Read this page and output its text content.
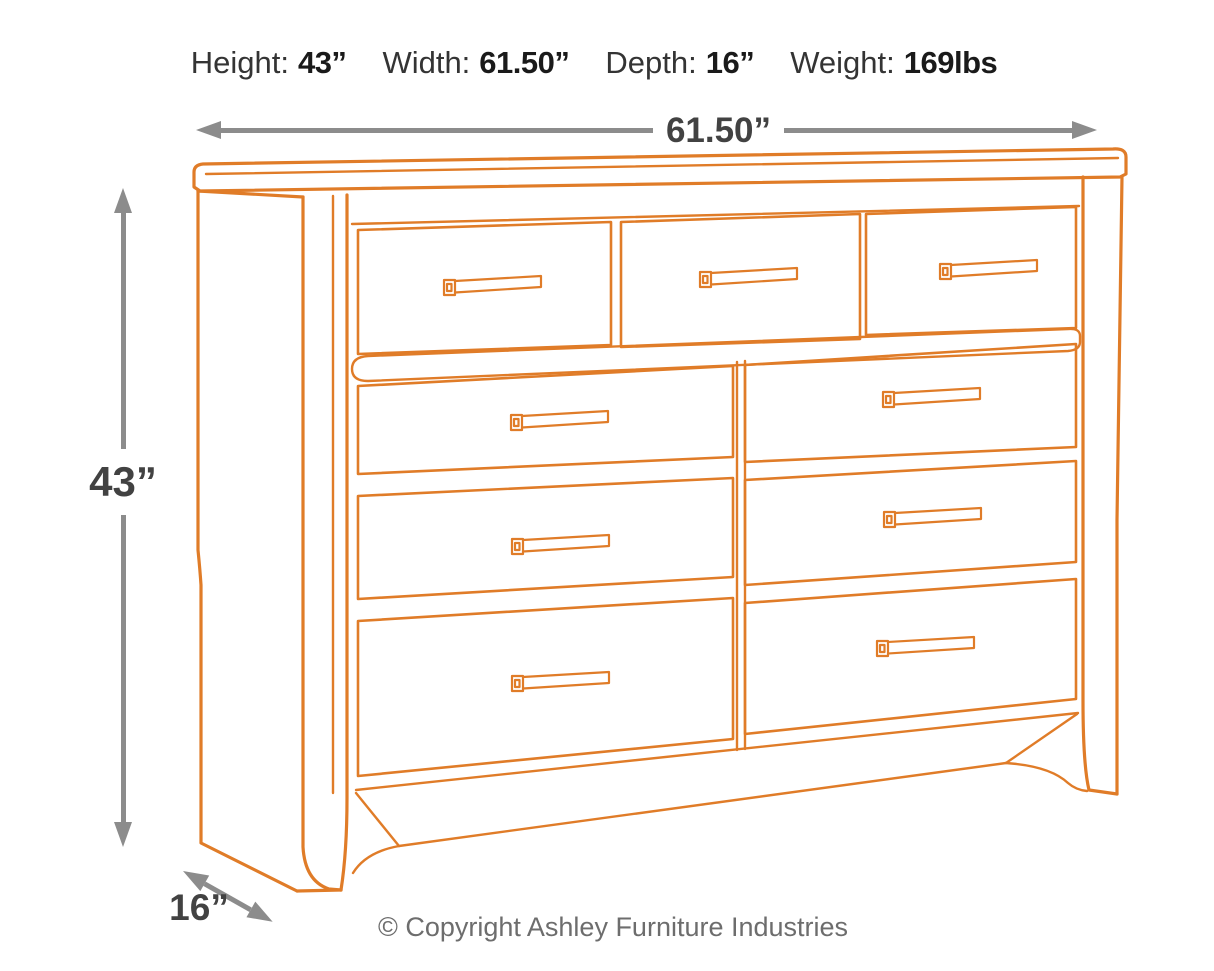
Height: 43” Width: 61.50” Depth: 16” Weight: 169lbs
61.50”
43”
16”	© Copyright Ashley Furniture Industries
